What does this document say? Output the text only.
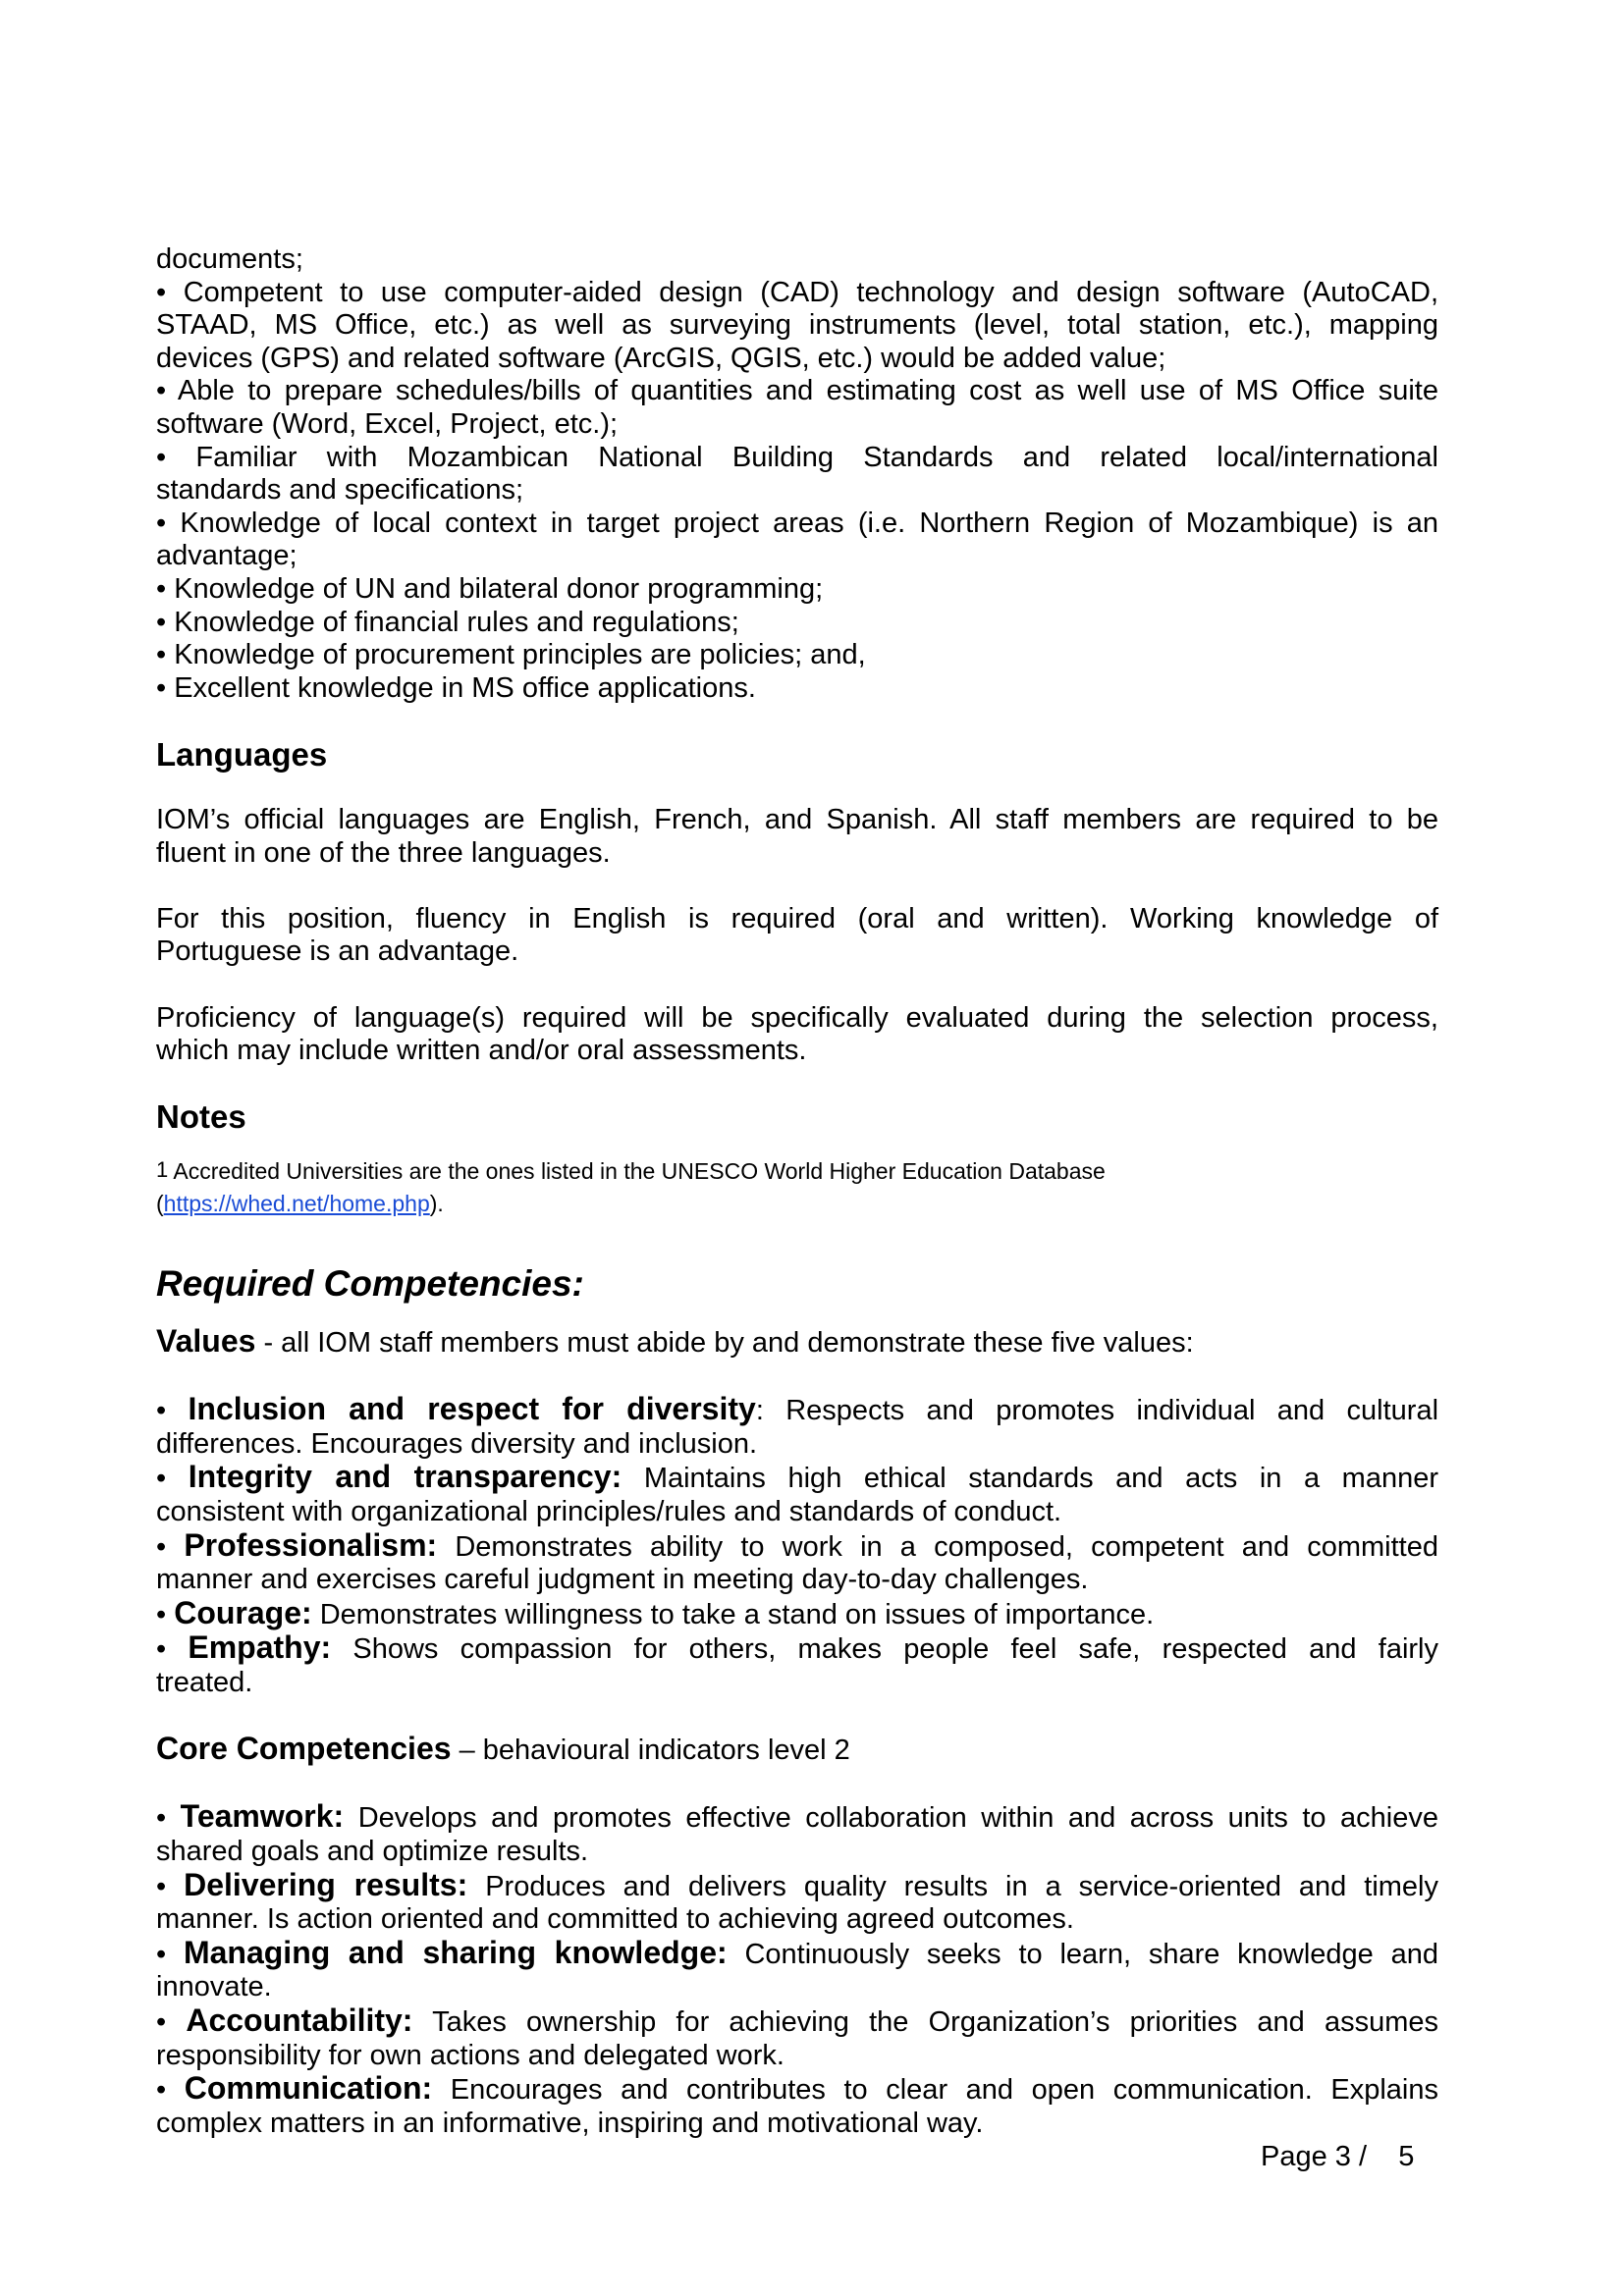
documents;

• Competent to use computer-aided design (CAD) technology and design software (AutoCAD,

STAAD, MS Office, etc.) as well as surveying instruments (level, total station, etc.), mapping

devices (GPS) and related software (ArcGIS, QGIS, etc.) would be added value;

• Able to prepare schedules/bills of quantities and estimating cost as well use of MS Office suite

software (Word, Excel, Project, etc.);

• Familiar with Mozambican National Building Standards and related local/international

standards and specifications;

• Knowledge of local context in target project areas (i.e. Northern Region of Mozambique) is an

advantage;

• Knowledge of UN and bilateral donor programming;

• Knowledge of financial rules and regulations;

• Knowledge of procurement principles are policies; and,

• Excellent knowledge in MS office applications.

Languages

IOM’s official languages are English, French, and Spanish. All staff members are required to be

fluent in one of the three languages.

For this position, fluency in English is required (oral and written). Working knowledge of

Portuguese is an advantage.

Proficiency of language(s) required will be specifically evaluated during the selection process,

which may include written and/or oral assessments.

Notes

$^1$ Accredited Universities are the ones listed in the UNESCO World Higher Education Database

(https://whed.net/home.php).

Required Competencies:

Values - all IOM staff members must abide by and demonstrate these five values:

• Inclusion and respect for diversity: Respects and promotes individual and cultural

differences. Encourages diversity and inclusion.

• Integrity and transparency: Maintains high ethical standards and acts in a manner

consistent with organizational principles/rules and standards of conduct.

• Professionalism: Demonstrates ability to work in a composed, competent and committed

manner and exercises careful judgment in meeting day-to-day challenges.

• Courage: Demonstrates willingness to take a stand on issues of importance.

• Empathy: Shows compassion for others, makes people feel safe, respected and fairly

treated.

Core Competencies – behavioural indicators level 2

• Teamwork: Develops and promotes effective collaboration within and across units to achieve

shared goals and optimize results.

• Delivering results: Produces and delivers quality results in a service-oriented and timely

manner. Is action oriented and committed to achieving agreed outcomes.

• Managing and sharing knowledge: Continuously seeks to learn, share knowledge and

innovate.

• Accountability: Takes ownership for achieving the Organization’s priorities and assumes

responsibility for own actions and delegated work.

• Communication: Encourages and contributes to clear and open communication. Explains

complex matters in an informative, inspiring and motivational way.

Page 3 /    5
